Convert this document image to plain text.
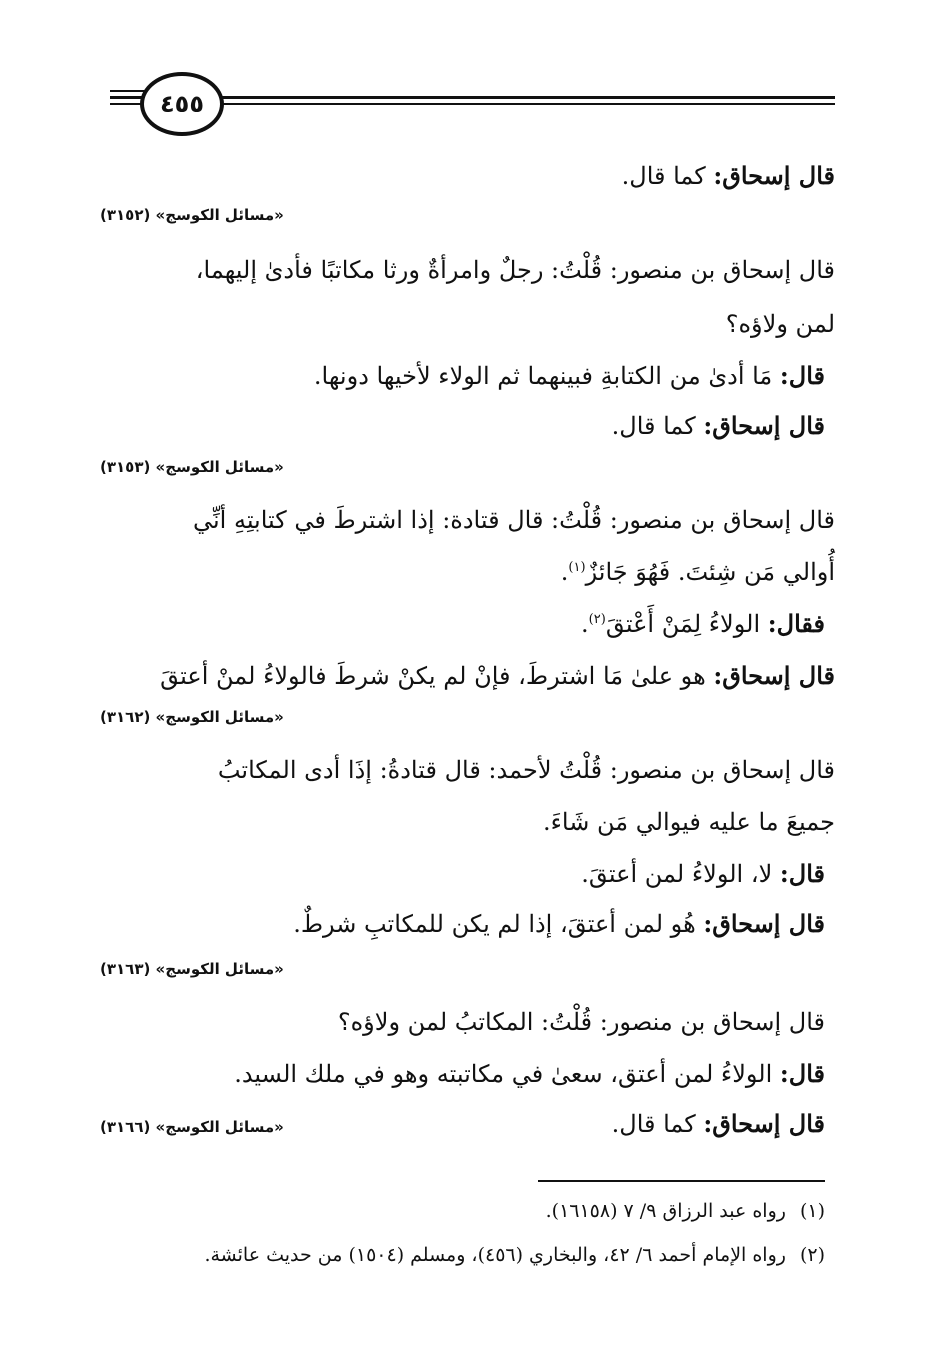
٤٥٥

قال إسحاق: كما قال.

«مسائل الكوسج» (٣١٥٢)

قال إسحاق بن منصور: قُلْتُ: رجلٌ وامرأةٌ ورثا مكاتبًا فأدىٰ إليهما،

لمن ولاؤه؟

قال: مَا أدىٰ من الكتابةِ فبينهما ثم الولاء لأخيها دونها.

قال إسحاق: كما قال.

«مسائل الكوسج» (٣١٥٣)

قال إسحاق بن منصور: قُلْتُ: قال قتادة: إذا اشترطَ في كتابتِهِ أنِّي

أُوالي مَن شِئتَ. فَهُوَ جَائزٌ$^{(١)}$.

فقال: الولاءُ لِمَنْ أَعْتقَ$^{(٢)}$.

قال إسحاق: هو علىٰ مَا اشترطَ، فإنْ لم يكنْ شرطَ فالولاءُ لمنْ أعتقَ

«مسائل الكوسج» (٣١٦٢)

قال إسحاق بن منصور: قُلْتُ لأحمد: قال قتادةُ: إذَا أدى المكاتبُ

جميعَ ما عليه فيوالي مَن شَاءَ.

قال: لا، الولاءُ لمن أعتقَ.

قال إسحاق: هُو لمن أعتقَ، إذا لم يكن للمكاتبِ شرطٌ.

«مسائل الكوسج» (٣١٦٣)

قال إسحاق بن منصور: قُلْتُ: المكاتبُ لمن ولاؤه؟

قال: الولاءُ لمن أعتق، سعىٰ في مكاتبته وهو في ملك السيد.

قال إسحاق: كما قال.

«مسائل الكوسج» (٣١٦٦)
(١)رواه عبد الرزاق ٩/ ٧ (١٦١٥٨).
(٢)رواه الإمام أحمد ٦/ ٤٢، والبخاري (٤٥٦)، ومسلم (١٥٠٤) من حديث عائشة.
